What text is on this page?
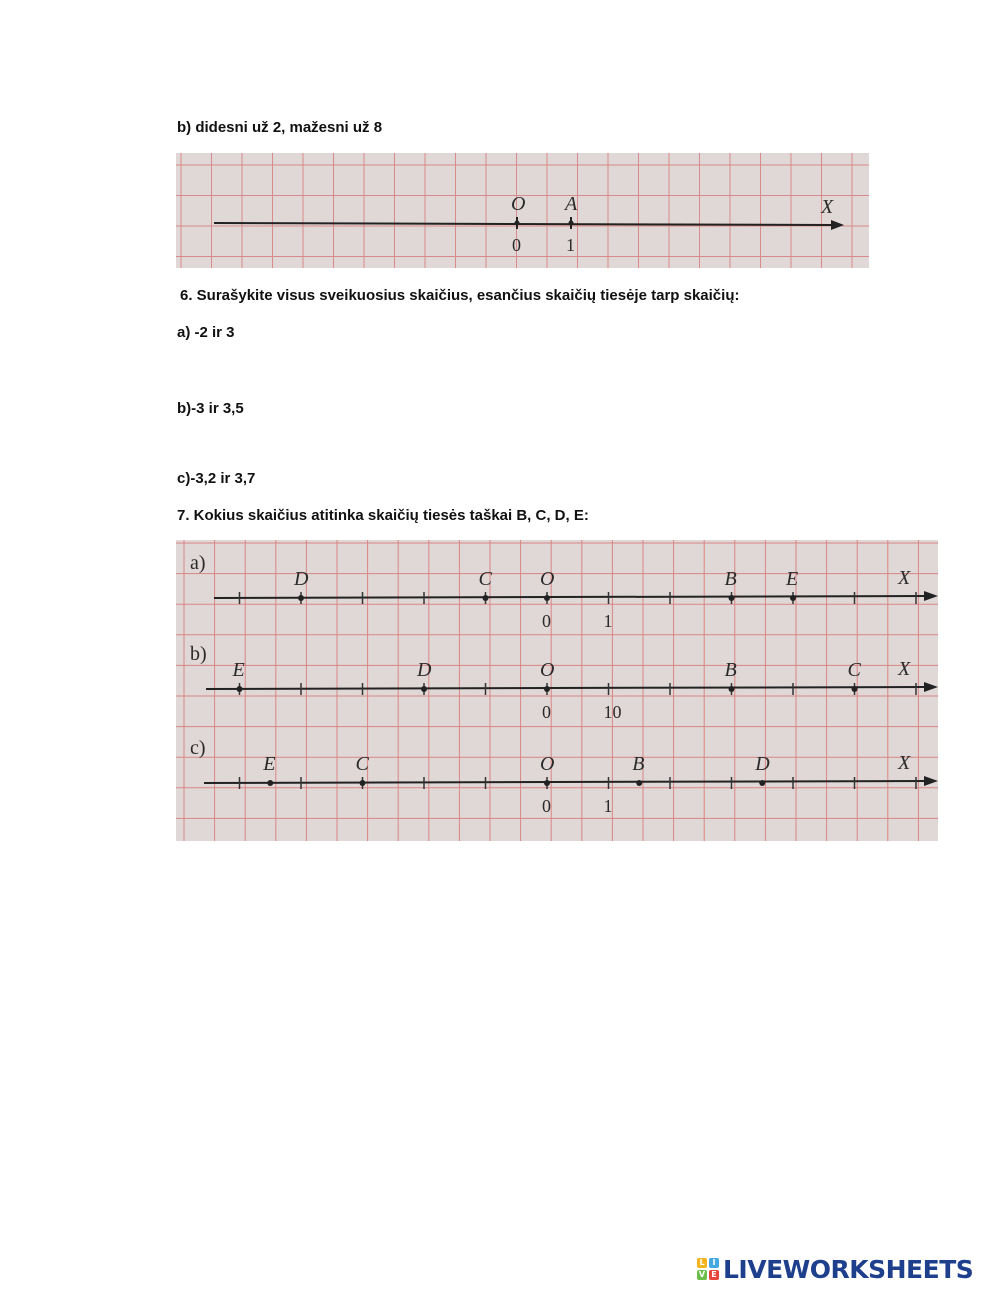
b) didesni už 2, mažesni už 8
X
O
0
A
1
6. Surašykite visus sveikuosius skaičius, esančius skaičių tiesėje tarp skaičių:
a) -2 ir 3
b)-3 ir 3,5
c)-3,2 ir 3,7
7. Kokius skaičius atitinka skaičių tiesės taškai B, C, D, E:
a)
X
D	C O	B E
0	1
b)
X
E	D	O	B	C
0	10
c)
X
E	C	O	B	D
0	1
L I
V E LIVEWORKSHEETS
